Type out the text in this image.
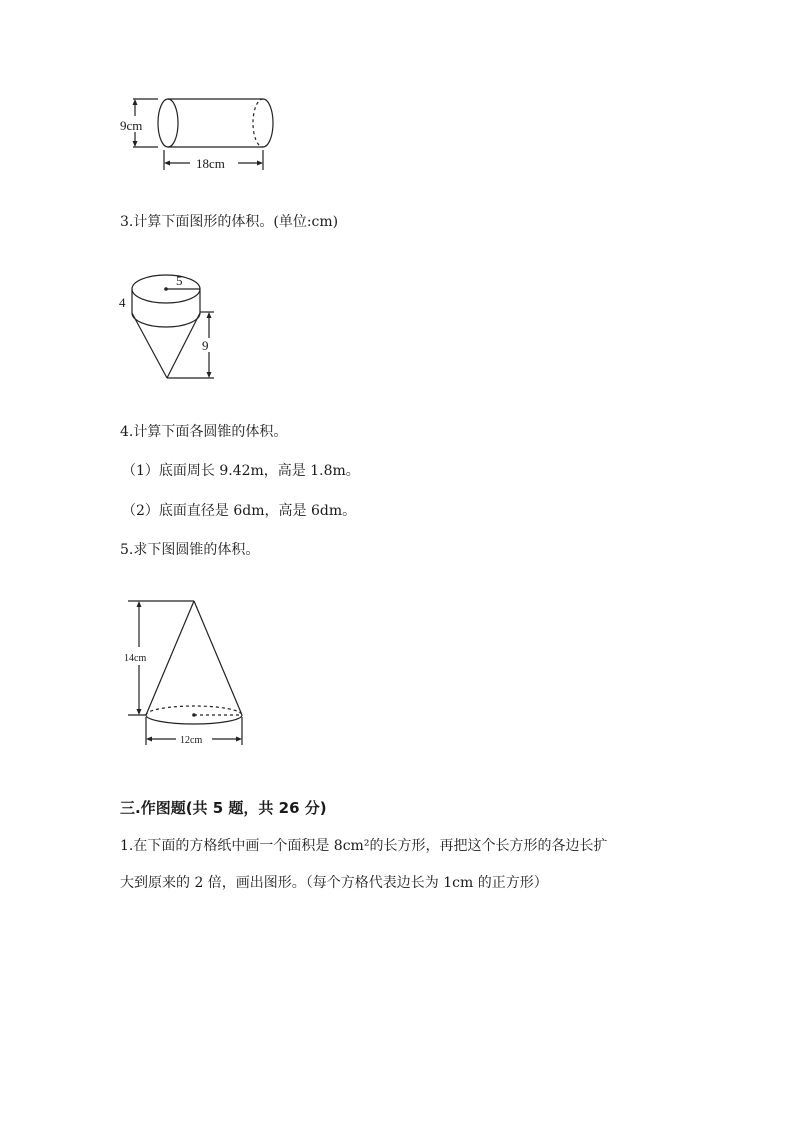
9cm
18cm
3.计算下面图形的体积。(单位:cm)
5
4
9
4.计算下面各圆锥的体积。
（1）底面周长 9.42m，高是 1.8m。
（2）底面直径是 6dm，高是 6dm。
5.求下图圆锥的体积。
14cm
12cm
三.作图题(共 5 题，共 26 分)
1.在下面的方格纸中画一个面积是 8cm²的长方形，再把这个长方形的各边长扩
大到原来的 2 倍，画出图形。（每个方格代表边长为 1cm 的正方形）
